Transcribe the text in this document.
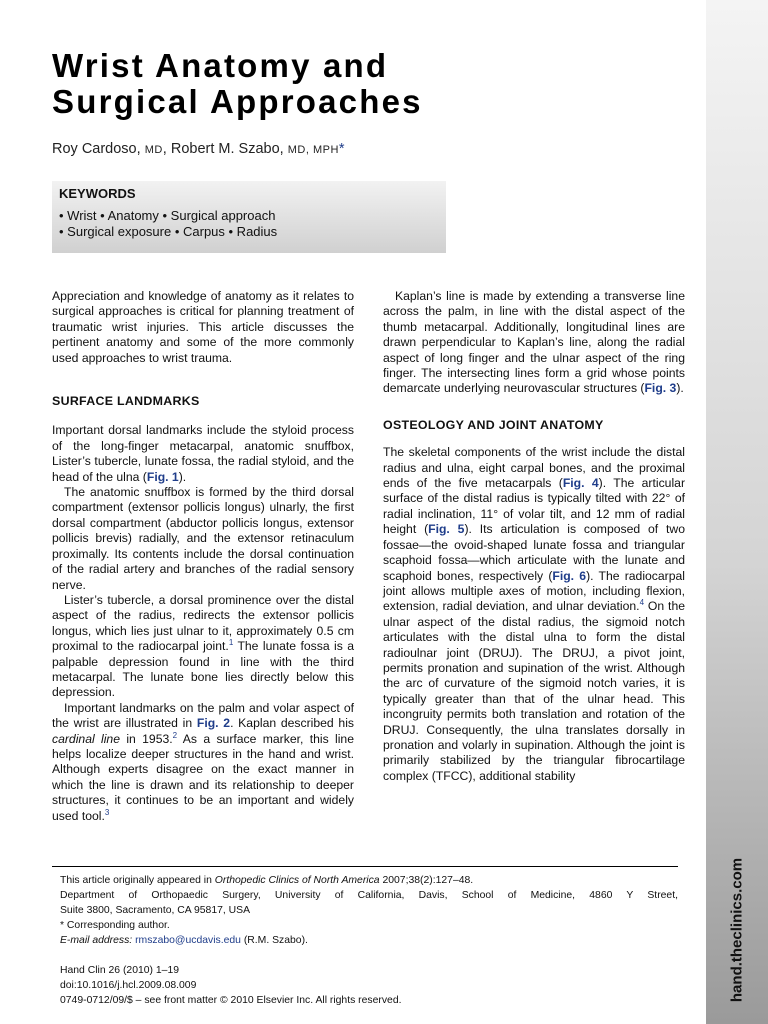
hand.theclinics.com
Wrist Anatomy and
Surgical Approaches
Roy Cardoso, MD, Robert M. Szabo, MD, MPH*
KEYWORDS
• Wrist • Anatomy • Surgical approach
• Surgical exposure • Carpus • Radius

Appreciation and knowledge of anatomy as it relates to surgical approaches is critical for planning treatment of traumatic wrist injuries. This article discusses the pertinent anatomy and some of the more commonly used approaches to wrist trauma.

SURFACE LANDMARKS

Important dorsal landmarks include the styloid process of the long-finger metacarpal, anatomic snuffbox, Lister’s tubercle, lunate fossa, the radial styloid, and the head of the ulna (Fig. 1).

The anatomic snuffbox is formed by the third dorsal compartment (extensor pollicis longus) ulnarly, the first dorsal compartment (abductor pollicis longus, extensor pollicis brevis) radially, and the extensor retinaculum proximally. Its contents include the dorsal continuation of the radial artery and branches of the radial sensory nerve.

Lister’s tubercle, a dorsal prominence over the distal aspect of the radius, redirects the extensor pollicis longus, which lies just ulnar to it, approximately 0.5 cm proximal to the radiocarpal joint.$^1$ The lunate fossa is a palpable depression found in line with the third metacarpal. The lunate bone lies directly below this depression.

Important landmarks on the palm and volar aspect of the wrist are illustrated in Fig. 2. Kaplan described his cardinal line in 1953.$^2$ As a surface marker, this line helps localize deeper structures in the hand and wrist. Although experts disagree on the exact manner in which the line is drawn and its relationship to deeper structures, it continues to be an important and widely used tool.$^3$

Kaplan’s line is made by extending a transverse line across the palm, in line with the distal aspect of the thumb metacarpal. Additionally, longitudinal lines are drawn perpendicular to Kaplan’s line, along the radial aspect of long finger and the ulnar aspect of the ring finger. The intersecting lines form a grid whose points demarcate underlying neurovascular structures (Fig. 3).

OSTEOLOGY AND JOINT ANATOMY

The skeletal components of the wrist include the distal radius and ulna, eight carpal bones, and the proximal ends of the five metacarpals (Fig. 4). The articular surface of the distal radius is typically tilted with 22° of radial inclination, 11° of volar tilt, and 12 mm of radial height (Fig. 5). Its articulation is composed of two fossae—the ovoid-shaped lunate fossa and triangular scaphoid fossa—which articulate with the lunate and scaphoid bones, respectively (Fig. 6). The radiocarpal joint allows multiple axes of motion, including flexion, extension, radial deviation, and ulnar deviation.$^4$ On the ulnar aspect of the distal radius, the sigmoid notch articulates with the distal ulna to form the distal radioulnar joint (DRUJ). The DRUJ, a pivot joint, permits pronation and supination of the wrist. Although the arc of curvature of the sigmoid notch varies, it is typically greater than that of the ulnar head. This incongruity permits both translation and rotation of the DRUJ. Consequently, the ulna translates dorsally in pronation and volarly in supination. Although the joint is primarily stabilized by the triangular fibrocartilage complex (TFCC), additional stability

This article originally appeared in Orthopedic Clinics of North America 2007;38(2):127–48.
Department of Orthopaedic Surgery, University of California, Davis, School of Medicine, 4860 Y Street,
Suite 3800, Sacramento, CA 95817, USA
* Corresponding author.
E-mail address: rmszabo@ucdavis.edu (R.M. Szabo).
Hand Clin 26 (2010) 1–19
doi:10.1016/j.hcl.2009.08.009
0749-0712/09/$ – see front matter © 2010 Elsevier Inc. All rights reserved.
